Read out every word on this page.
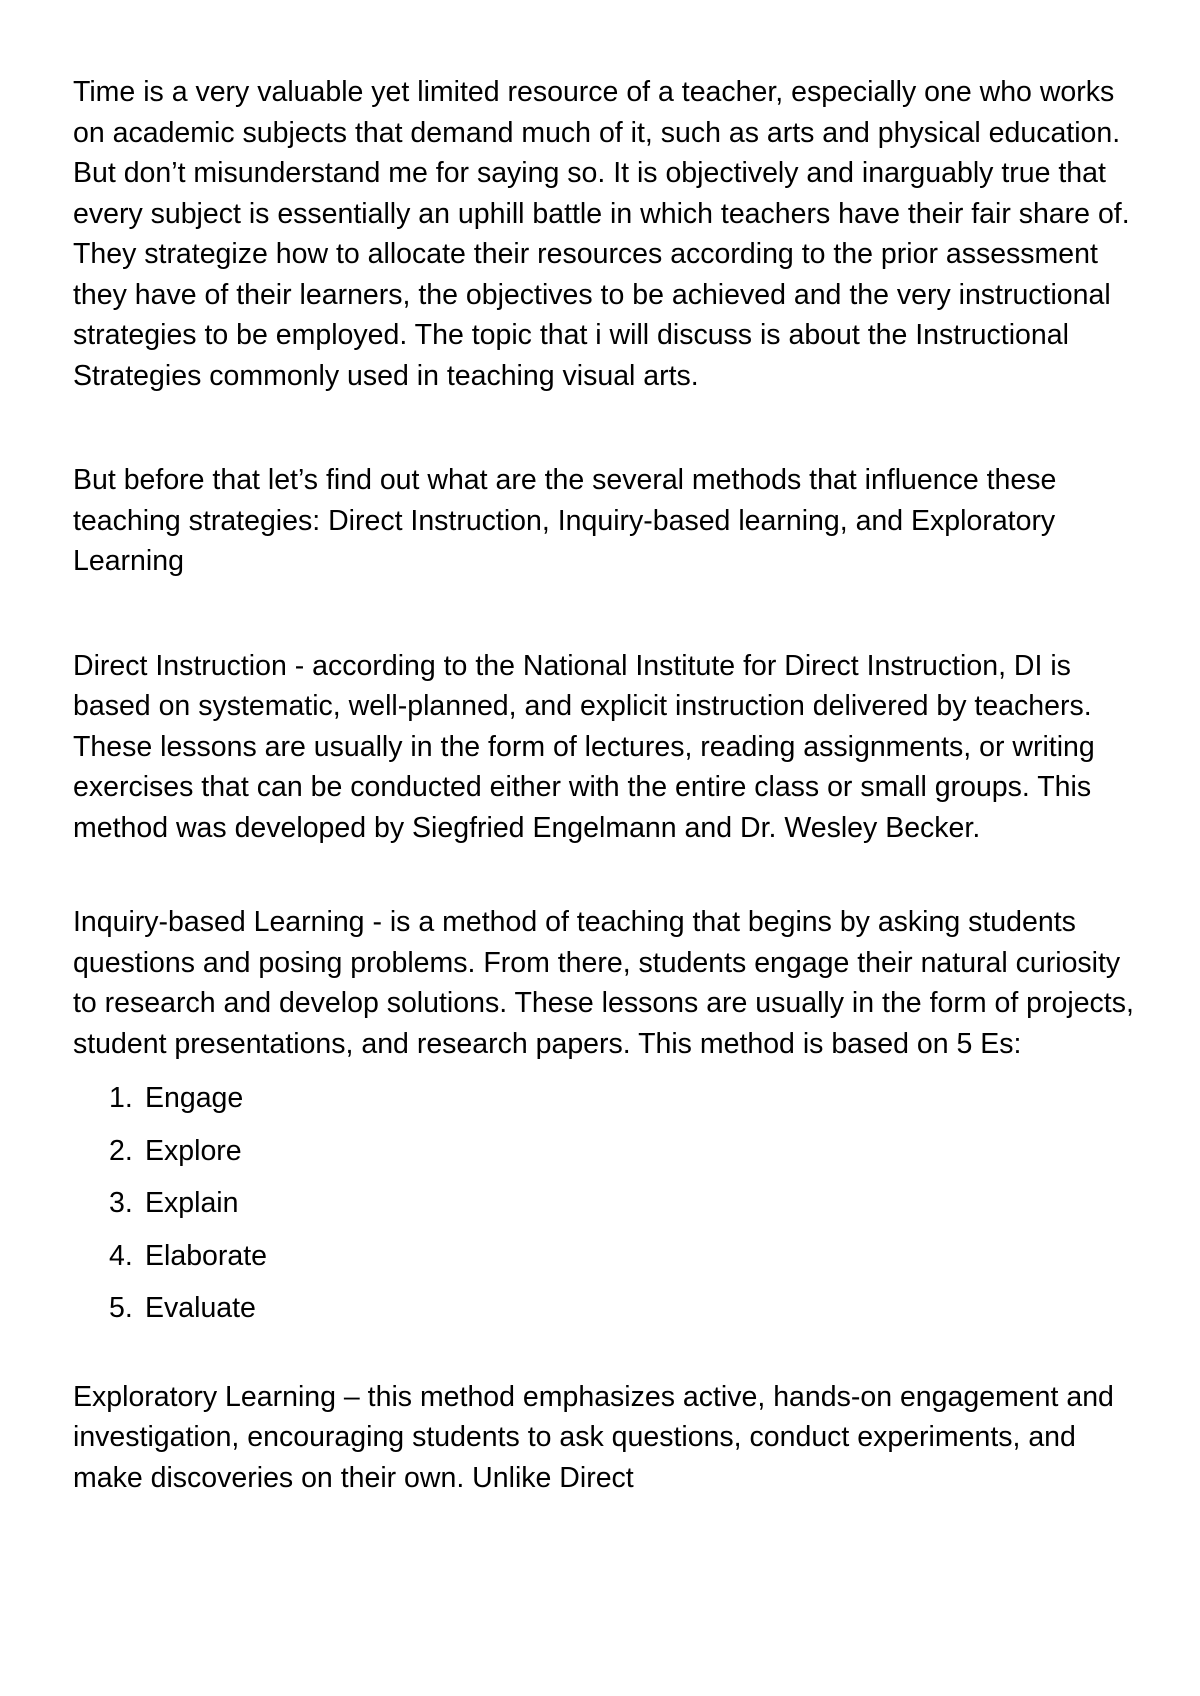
Time is a very valuable yet limited resource of a teacher, especially one who works on academic subjects that demand much of it, such as arts and physical education. But don’t misunderstand me for saying so. It is objectively and inarguably true that every subject is essentially an uphill battle in which teachers have their fair share of. They strategize how to allocate their resources according to the prior assessment they have of their learners, the objectives to be achieved and the very instructional strategies to be employed. The topic that i will discuss is about the Instructional Strategies commonly used in teaching visual arts.

But before that let’s find out what are the several methods that influence these teaching strategies: Direct Instruction, Inquiry-based learning, and Exploratory Learning

Direct Instruction - according to the National Institute for Direct Instruction, DI is based on systematic, well-planned, and explicit instruction delivered by teachers. These lessons are usually in the form of lectures, reading assignments, or writing exercises that can be conducted either with the entire class or small groups. This method was developed by Siegfried Engelmann and Dr. Wesley Becker.

Inquiry-based Learning - is a method of teaching that begins by asking students questions and posing problems. From there, students engage their natural curiosity to research and develop solutions. These lessons are usually in the form of projects, student presentations, and research papers. This method is based on 5 Es:

1. Engage
2. Explore
3. Explain
4. Elaborate
5. Evaluate

Exploratory Learning – this method emphasizes active, hands-on engagement and investigation, encouraging students to ask questions, conduct experiments, and make discoveries on their own. Unlike Direct
